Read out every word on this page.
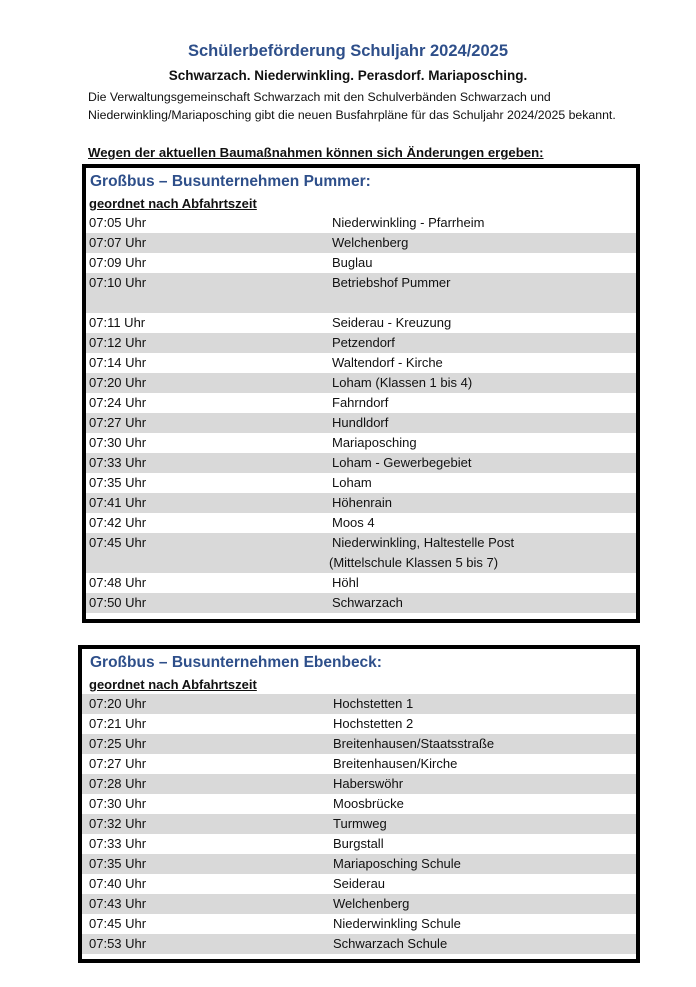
Schülerbeförderung Schuljahr 2024/2025
Schwarzach. Niederwinkling. Perasdorf. Mariaposching.
Die Verwaltungsgemeinschaft Schwarzach mit den Schulverbänden Schwarzach und Niederwinkling/Mariaposching gibt die neuen Busfahrpläne für das Schuljahr 2024/2025 bekannt.
Wegen der aktuellen Baumaßnahmen können sich Änderungen ergeben:
Großbus – Busunternehmen Pummer:
geordnet nach Abfahrtszeit
07:05 Uhr	Niederwinkling - Pfarrheim
07:07 Uhr	Welchenberg
07:09 Uhr	Buglau
07:10 Uhr	Betriebshof Pummer
07:11 Uhr	Seiderau - Kreuzung
07:12 Uhr	Petzendorf
07:14 Uhr	Waltendorf - Kirche
07:20 Uhr	Loham (Klassen 1 bis 4)
07:24 Uhr	Fahrndorf
07:27 Uhr	Hundldorf
07:30 Uhr	Mariaposching
07:33 Uhr	Loham - Gewerbegebiet
07:35 Uhr	Loham
07:41 Uhr	Höhenrain
07:42 Uhr	Moos 4
07:45 Uhr	Niederwinkling, Haltestelle Post
(Mittelschule Klassen 5 bis 7)
07:48 Uhr	Höhl
07:50 Uhr	Schwarzach
Großbus – Busunternehmen Ebenbeck:
geordnet nach Abfahrtszeit
07:20 Uhr	Hochstetten 1
07:21 Uhr	Hochstetten 2
07:25 Uhr	Breitenhausen/Staatsstraße
07:27 Uhr	Breitenhausen/Kirche
07:28 Uhr	Haberswöhr
07:30 Uhr	Moosbrücke
07:32 Uhr	Turmweg
07:33 Uhr	Burgstall
07:35 Uhr	Mariaposching Schule
07:40 Uhr	Seiderau
07:43 Uhr	Welchenberg
07:45 Uhr	Niederwinkling Schule
07:53 Uhr	Schwarzach Schule
